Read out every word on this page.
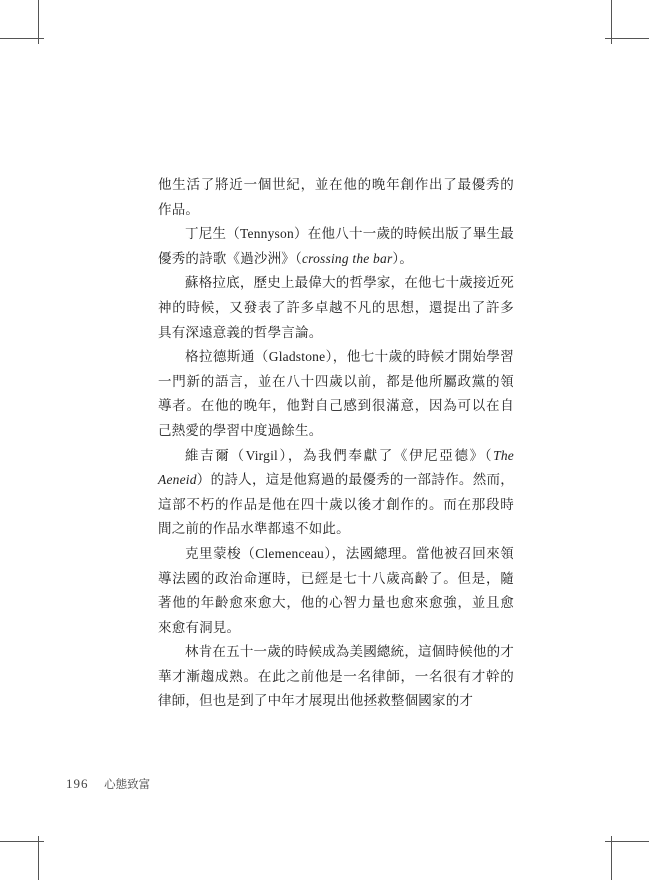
他生活了將近一個世紀，並在他的晚年創作出了最優秀的作品。

丁尼生（Tennyson）在他八十一歲的時候出版了畢生最優秀的詩歌《過沙洲》（crossing the bar）。

蘇格拉底，歷史上最偉大的哲學家，在他七十歲接近死神的時候，又發表了許多卓越不凡的思想，還提出了許多具有深遠意義的哲學言論。

格拉德斯通（Gladstone），他七十歲的時候才開始學習一門新的語言，並在八十四歲以前，都是他所屬政黨的領導者。在他的晚年，他對自己感到很滿意，因為可以在自己熱愛的學習中度過餘生。

維吉爾（Virgil），為我們奉獻了《伊尼亞德》（The Aeneid）的詩人，這是他寫過的最優秀的一部詩作。然而，這部不朽的作品是他在四十歲以後才創作的。而在那段時間之前的作品水準都遠不如此。

克里蒙梭（Clemenceau），法國總理。當他被召回來領導法國的政治命運時，已經是七十八歲高齡了。但是，隨著他的年齡愈來愈大，他的心智力量也愈來愈強，並且愈來愈有洞見。

林肯在五十一歲的時候成為美國總統，這個時候他的才華才漸趨成熟。在此之前他是一名律師，一名很有才幹的律師，但也是到了中年才展現出他拯救整個國家的才

196 心態致富
